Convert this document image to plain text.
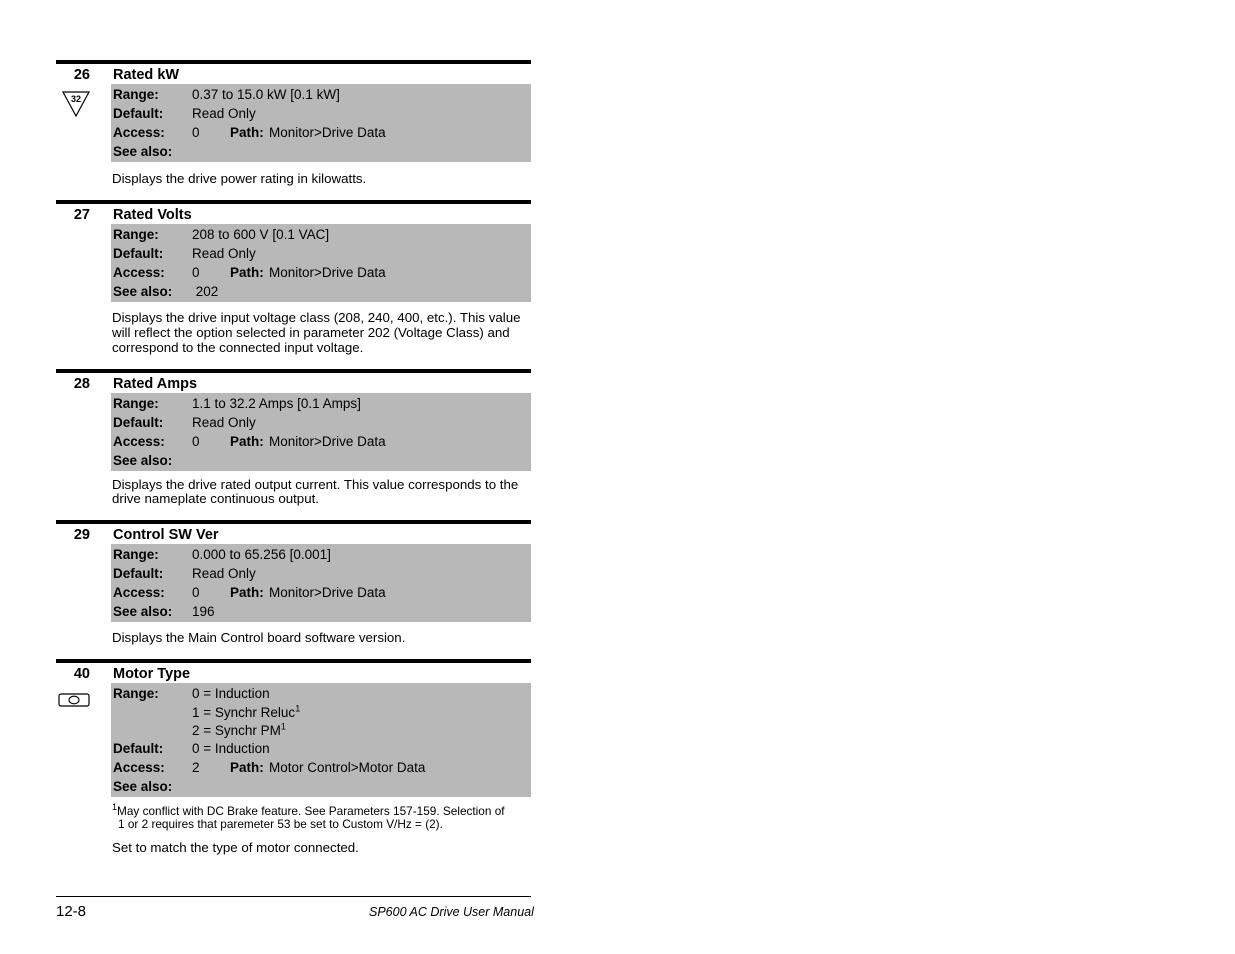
26 Rated kW
Range: 0.37 to 15.0 kW [0.1 kW]
Default: Read Only
Access: 0 Path: Monitor>Drive Data
See also:
Displays the drive power rating in kilowatts.
32
27 Rated Volts
Range: 208 to 600 V [0.1 VAC]
Default: Read Only
Access: 0 Path: Monitor>Drive Data
See also: 202
Displays the drive input voltage class (208, 240, 400, etc.). This value will reflect the option selected in parameter 202 (Voltage Class) and correspond to the connected input voltage.
28 Rated Amps
Range: 1.1 to 32.2 Amps [0.1 Amps]
Default: Read Only
Access: 0 Path: Monitor>Drive Data
See also:
Displays the drive rated output current. This value corresponds to the drive nameplate continuous output.
29 Control SW Ver
Range: 0.000 to 65.256 [0.001]
Default: Read Only
Access: 0 Path: Monitor>Drive Data
See also: 196
Displays the Main Control board software version.
40 Motor Type
Range: 0 = Induction
1 = Synchr Reluc$^1$
2 = Synchr $PM^1$
Default: 0 = Induction
Access: 2 Path: Motor Control>Motor Data
See also:
$^1$May conflict with DC Brake feature. See Parameters 157-159. Selection of
1 or 2 requires that paremeter 53 be set to Custom V/Hz = (2).
Set to match the type of motor connected.
12-8	SP600 AC Drive User Manual
